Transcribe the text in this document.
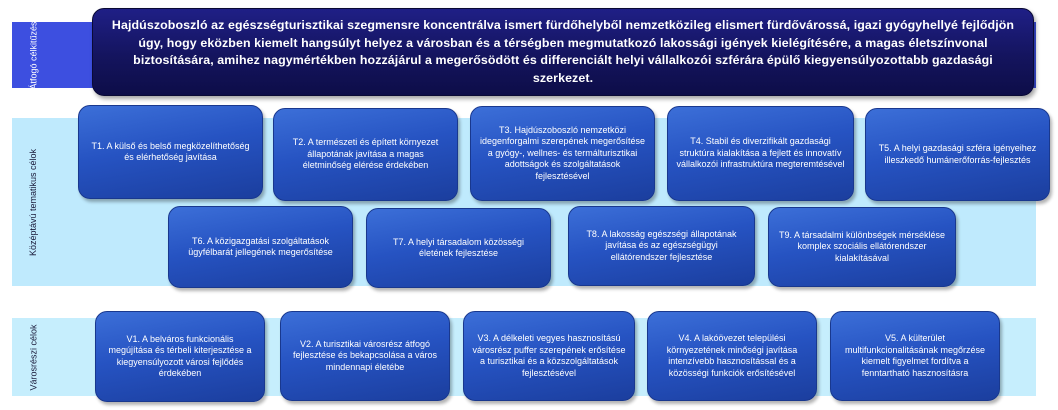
Átfogó célkitűzés
Középtávú tematikus célok
Városrészi célok

Hajdúszoboszló az egészségturisztikai szegmensre koncentrálva ismert fürdőhelyből nemzetközileg elismert fürdővárossá, igazi gyógyhellyé fejlődjön úgy, hogy eközben kiemelt hangsúlyt helyez a városban és a térségben megmutatkozó lakossági igények kielégítésére, a magas életszínvonal biztosítására, amihez nagymértékben hozzájárul a megerősödött és differenciált helyi vállalkozói szférára épülő kiegyensúlyozottabb gazdasági szerkezet.

T1. A külső és belső megközelíthetőség és elérhetőség javítása
T2. A természeti és épített környezet állapotának javítása a magas életminőség elérése érdekében
T3. Hajdúszoboszló nemzetközi idegenforgalmi szerepének megerősítése a gyógy-, wellnes- és termálturisztikai adottságok és szolgáltatások fejlesztésével
T4. Stabil és diverzifikált gazdasági struktúra kialakítása a fejlett és innovatív vállalkozói infrastruktúra megteremtésével
T5. A helyi gazdasági szféra igényeihez illeszkedő humánerőforrás-fejlesztés
T6. A közigazgatási szolgáltatások ügyfélbarát jellegének megerősítése
T7. A helyi társadalom közösségi életének fejlesztése
T8. A lakosság egészségi állapotának javítása és az egészségügyi ellátórendszer fejlesztése
T9. A társadalmi különbségek mérséklése komplex szociális ellátórendszer kialakításával
V1. A belváros funkcionális megújítása és térbeli kiterjesztése a kiegyensúlyozott városi fejlődés érdekében
V2. A turisztikai városrész átfogó fejlesztése és bekapcsolása a város mindennapi életébe
V3. A délkeleti vegyes hasznosítású városrész puffer szerepének erősítése a turisztikai és a közszolgáltatások fejlesztésével
V4. A lakóövezet települési környezetének minőségi javítása intenzívebb hasznosítással és a közösségi funkciók erősítésével
V5. A külterület multifunkcionalitásának megőrzése kiemelt figyelmet fordítva a fenntartható hasznosításra
